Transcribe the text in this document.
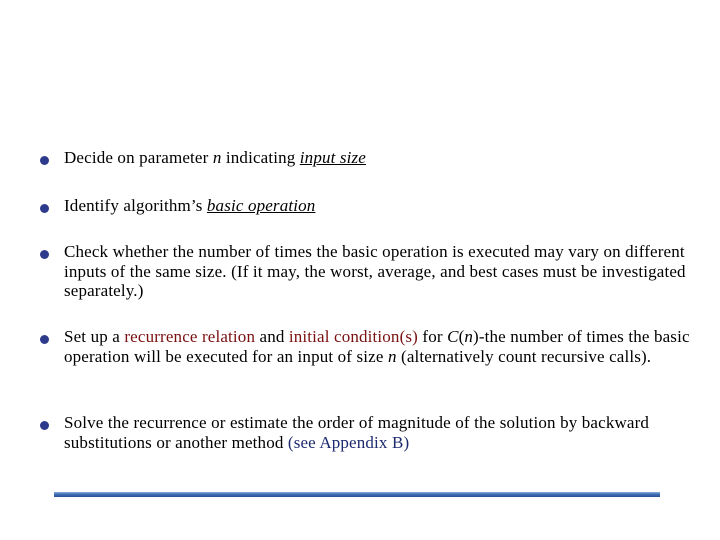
Decide on parameter n indicating input size
Identify algorithm’s basic operation
Check whether the number of times the basic operation is executed may vary on different inputs of the same size. (If it may, the worst, average, and best cases must be investigated separately.)
Set up a recurrence relation and initial condition(s) for C(n)-the number of times the basic operation will be executed for an input of size n (alternatively count recursive calls).
Solve the recurrence or estimate the order of magnitude of the solution by backward substitutions or another method (see Appendix B)
